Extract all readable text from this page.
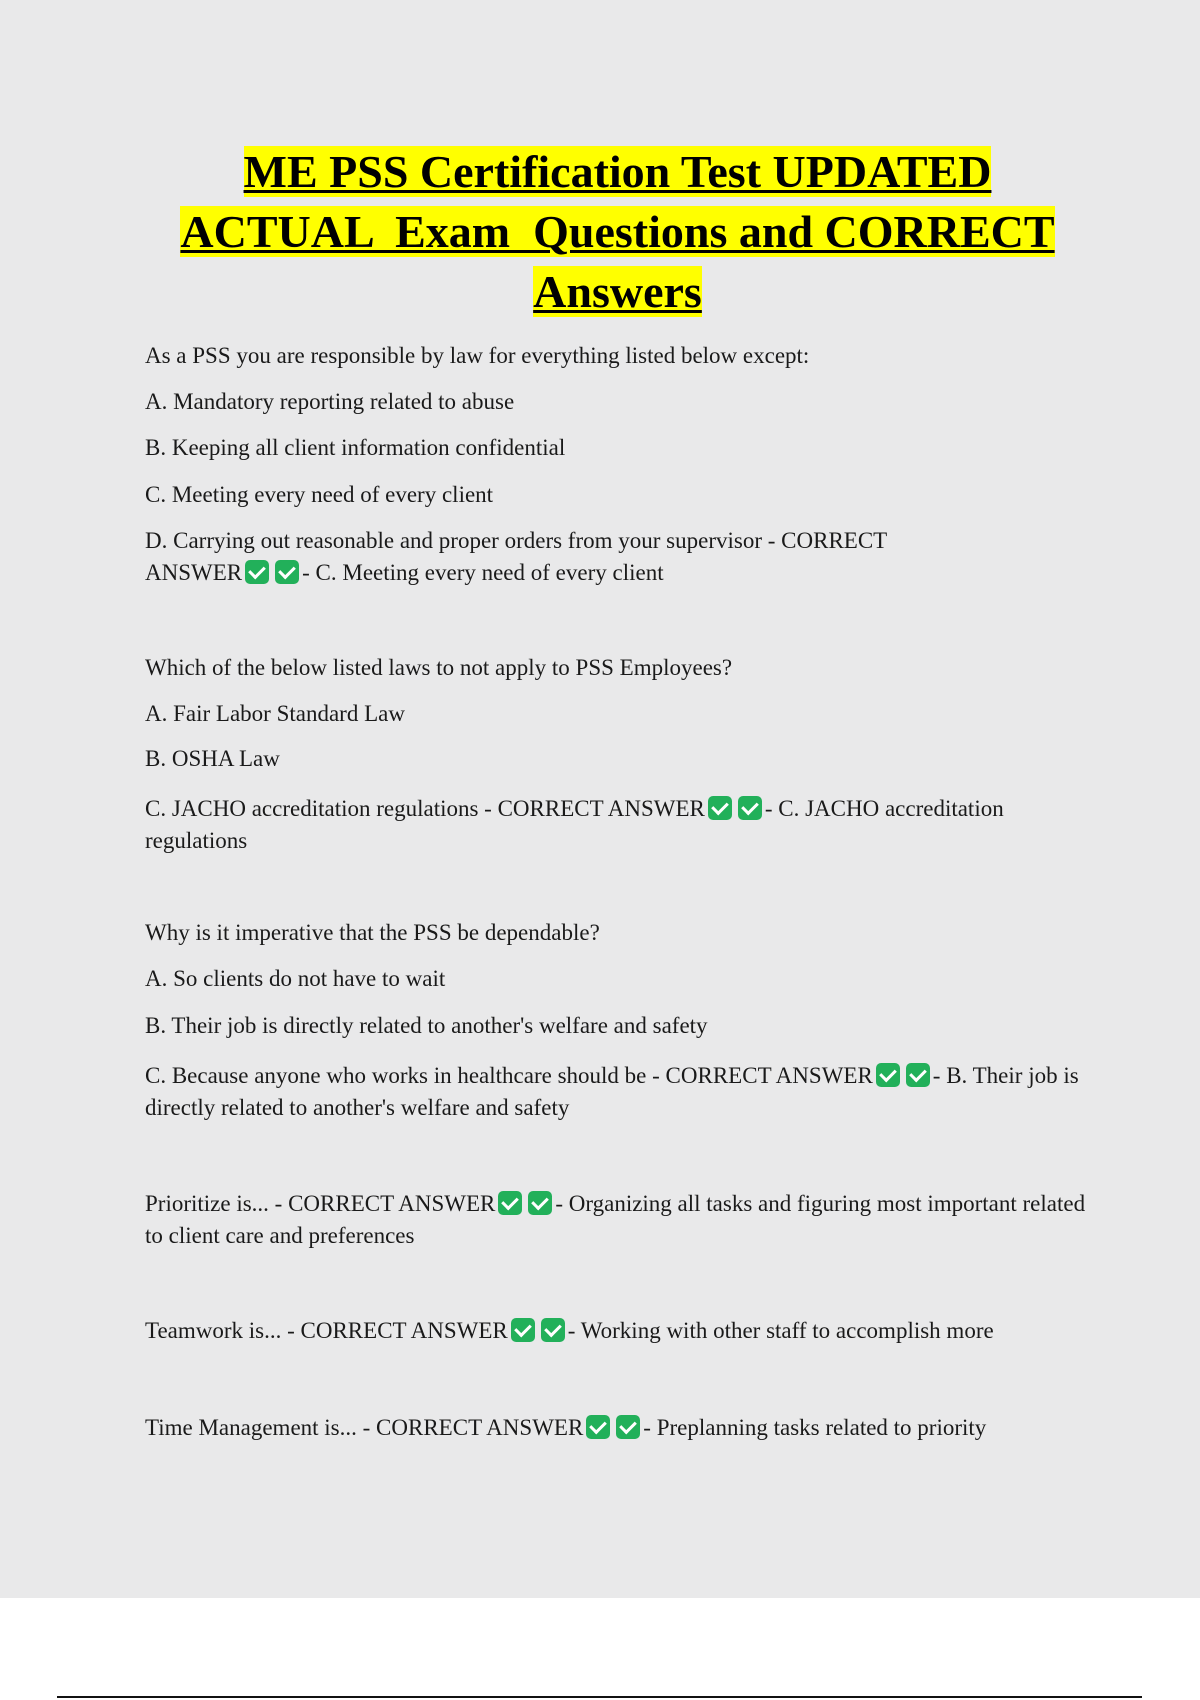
ME PSS Certification Test UPDATED
ACTUAL  Exam  Questions and CORRECT
Answers

As a PSS you are responsible by law for everything listed below except:

A. Mandatory reporting related to abuse

B. Keeping all client information confidential

C. Meeting every need of every client

D. Carrying out reasonable and proper orders from your supervisor - CORRECT
ANSWER	- C. Meeting every need of every client

Which of the below listed laws to not apply to PSS Employees?

A. Fair Labor Standard Law

B. OSHA Law

C. JACHO accreditation regulations - CORRECT ANSWER	- C. JACHO accreditation regulations

Why is it imperative that the PSS be dependable?

A. So clients do not have to wait

B. Their job is directly related to another's welfare and safety

C. Because anyone who works in healthcare should be - CORRECT ANSWER	- B. Their job is directly related to another's welfare and safety

Prioritize is... - CORRECT ANSWER	- Organizing all tasks and figuring most important related to client care and preferences

Teamwork is... - CORRECT ANSWER	- Working with other staff to accomplish more

Time Management is... - CORRECT ANSWER	- Preplanning tasks related to priority
